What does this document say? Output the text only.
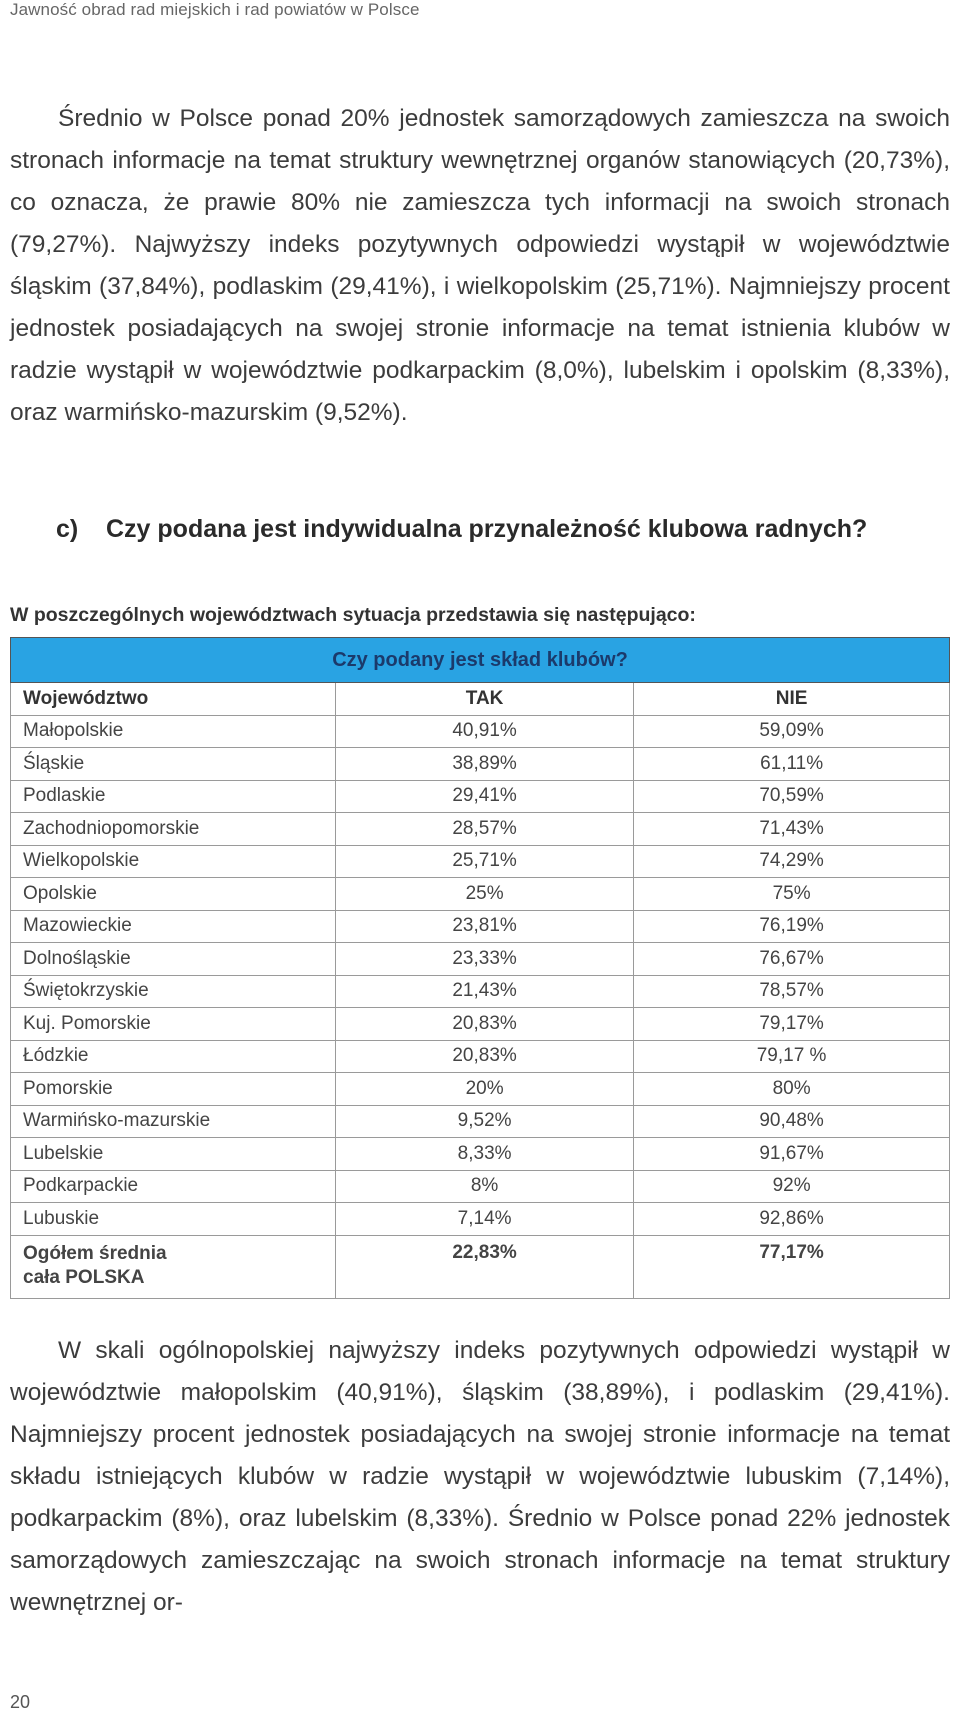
Jawność obrad rad miejskich i rad powiatów w Polsce

Średnio w Polsce ponad 20% jednostek samorządowych zamieszcza na swoich stronach informacje na temat struktury wewnętrznej organów stanowiących (20,73%), co oznacza, że prawie 80% nie zamieszcza tych informacji na swoich stronach (79,27%). Najwyższy indeks pozytywnych odpowiedzi wystąpił w województwie śląskim (37,84%), podlaskim (29,41%), i wielkopolskim (25,71%). Najmniejszy procent jednostek posiadających na swojej stronie informacje na temat istnienia klubów w radzie wystąpił w województwie podkarpackim (8,0%), lubelskim i opolskim (8,33%), oraz warmińsko-mazurskim (9,52%).

c) Czy podana jest indywidualna przynależność klubowa radnych?
W poszczególnych województwach sytuacja przedstawia się następująco:
Czy podany jest skład klubów?		
Województwo	TAK	NIE
Małopolskie	40,91%	59,09%
Śląskie	38,89%	61,11%
Podlaskie	29,41%	70,59%
Zachodniopomorskie	28,57%	71,43%
Wielkopolskie	25,71%	74,29%
Opolskie	25%	75%
Mazowieckie	23,81%	76,19%
Dolnośląskie	23,33%	76,67%
Świętokrzyskie	21,43%	78,57%
Kuj. Pomorskie	20,83%	79,17%
Łódzkie	20,83%	79,17 %
Pomorskie	20%	80%
Warmińsko-mazurskie	9,52%	90,48%
Lubelskie	8,33%	91,67%
Podkarpackie	8%	92%
Lubuskie	7,14%	92,86%

Ogółem średnia
cała POLSKA	22,83%	77,17%

W skali ogólnopolskiej najwyższy indeks pozytywnych odpowiedzi wystąpił w województwie małopolskim (40,91%), śląskim (38,89%), i podlaskim (29,41%). Najmniejszy procent jednostek posiadających na swojej stronie informacje na temat składu istniejących klubów w radzie wystąpił w województwie lubuskim (7,14%), podkarpackim (8%), oraz lubelskim (8,33%). Średnio w Polsce ponad 22% jednostek samorządowych zamieszczając na swoich stronach informacje na temat struktury wewnętrznej or-

20
